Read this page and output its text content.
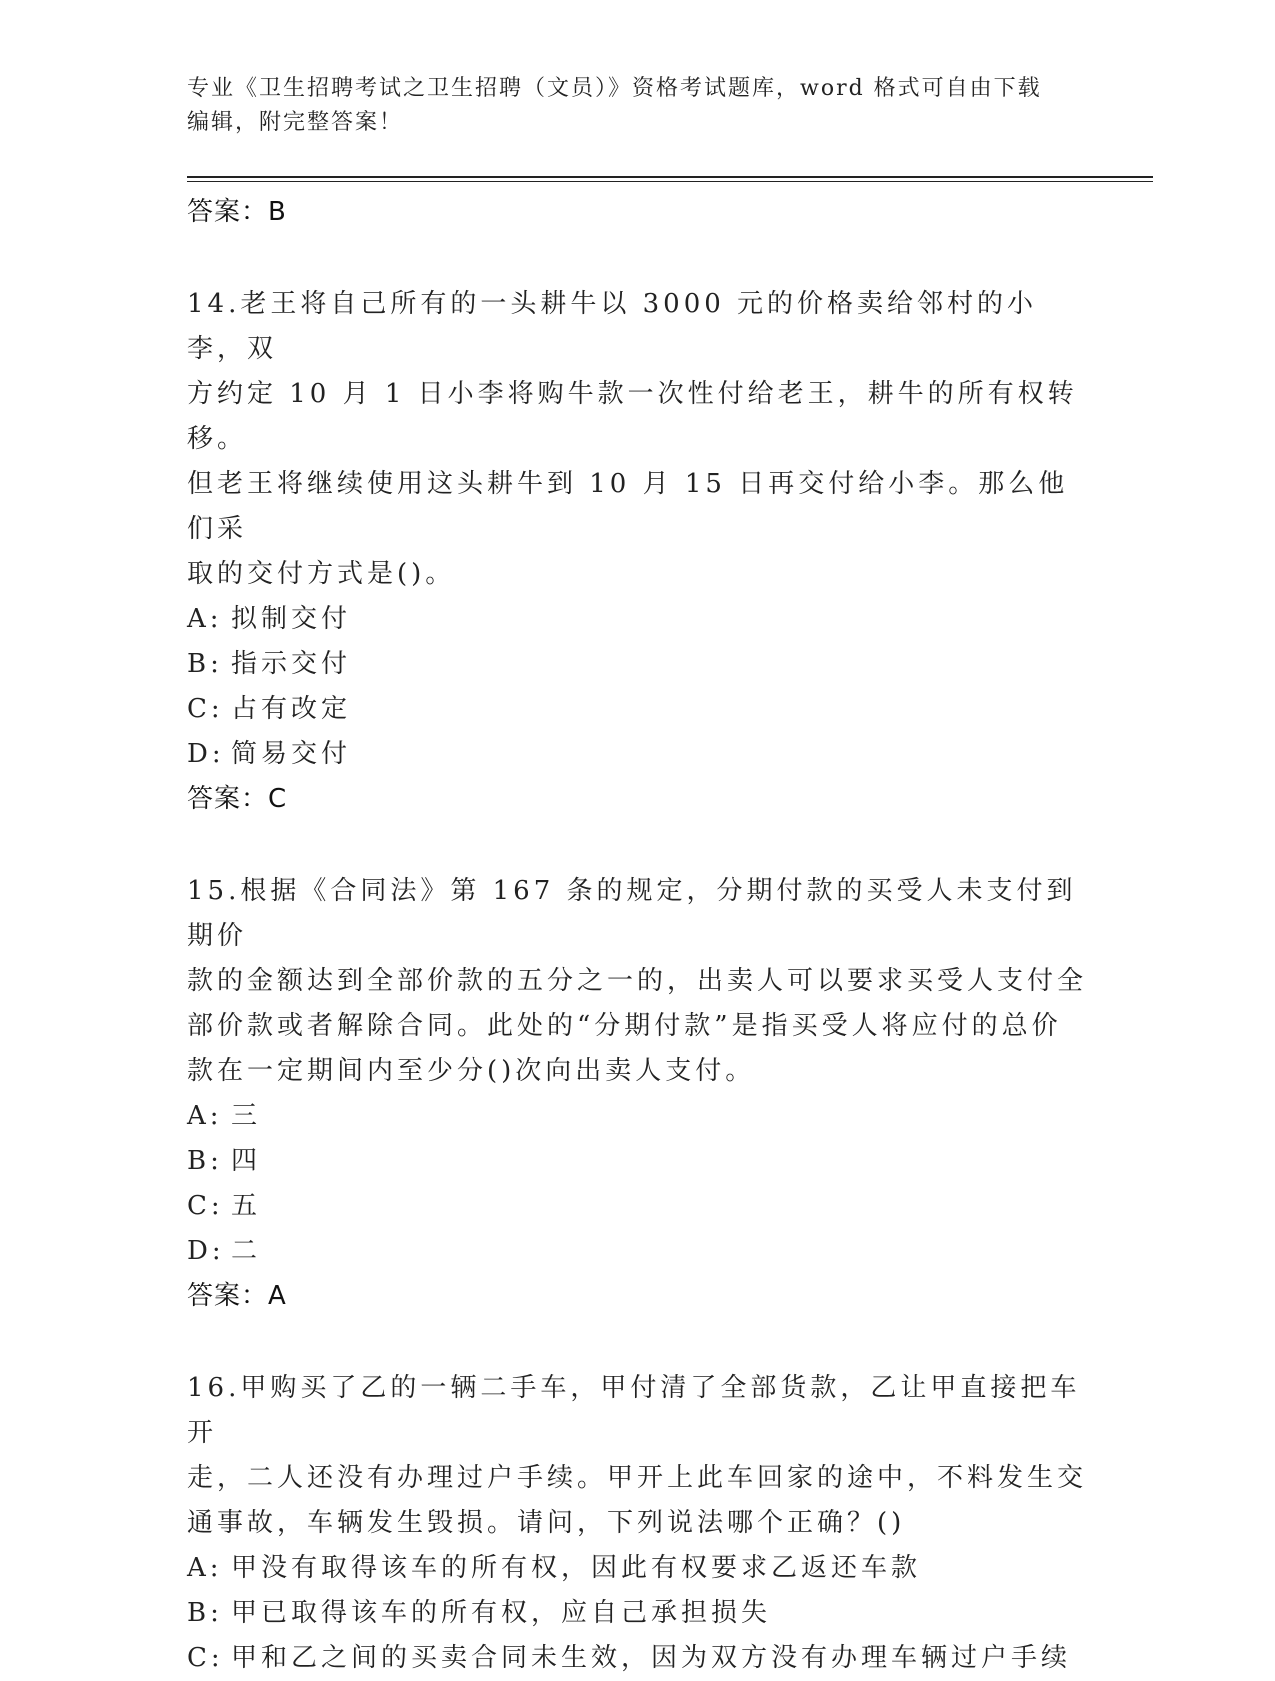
专业《卫生招聘考试之卫生招聘（文员）》资格考试题库，word 格式可自由下载
编辑，附完整答案！

答案：B

14.老王将自己所有的一头耕牛以 3000 元的价格卖给邻村的小李，双

方约定 10 月 1 日小李将购牛款一次性付给老王，耕牛的所有权转移。

但老王将继续使用这头耕牛到 10 月 15 日再交付给小李。那么他们采

取的交付方式是()。

A: 拟制交付

B: 指示交付

C: 占有改定

D: 简易交付

答案：C

15.根据《合同法》第 167 条的规定，分期付款的买受人未支付到期价

款的金额达到全部价款的五分之一的，出卖人可以要求买受人支付全

部价款或者解除合同。此处的“分期付款”是指买受人将应付的总价

款在一定期间内至少分()次向出卖人支付。

A: 三

B: 四

C: 五

D: 二

答案：A

16.甲购买了乙的一辆二手车，甲付清了全部货款，乙让甲直接把车开

走，二人还没有办理过户手续。甲开上此车回家的途中，不料发生交

通事故，车辆发生毁损。请问，下列说法哪个正确？()

A: 甲没有取得该车的所有权，因此有权要求乙返还车款

B: 甲已取得该车的所有权，应自己承担损失

C: 甲和乙之间的买卖合同未生效，因为双方没有办理车辆过户手续
